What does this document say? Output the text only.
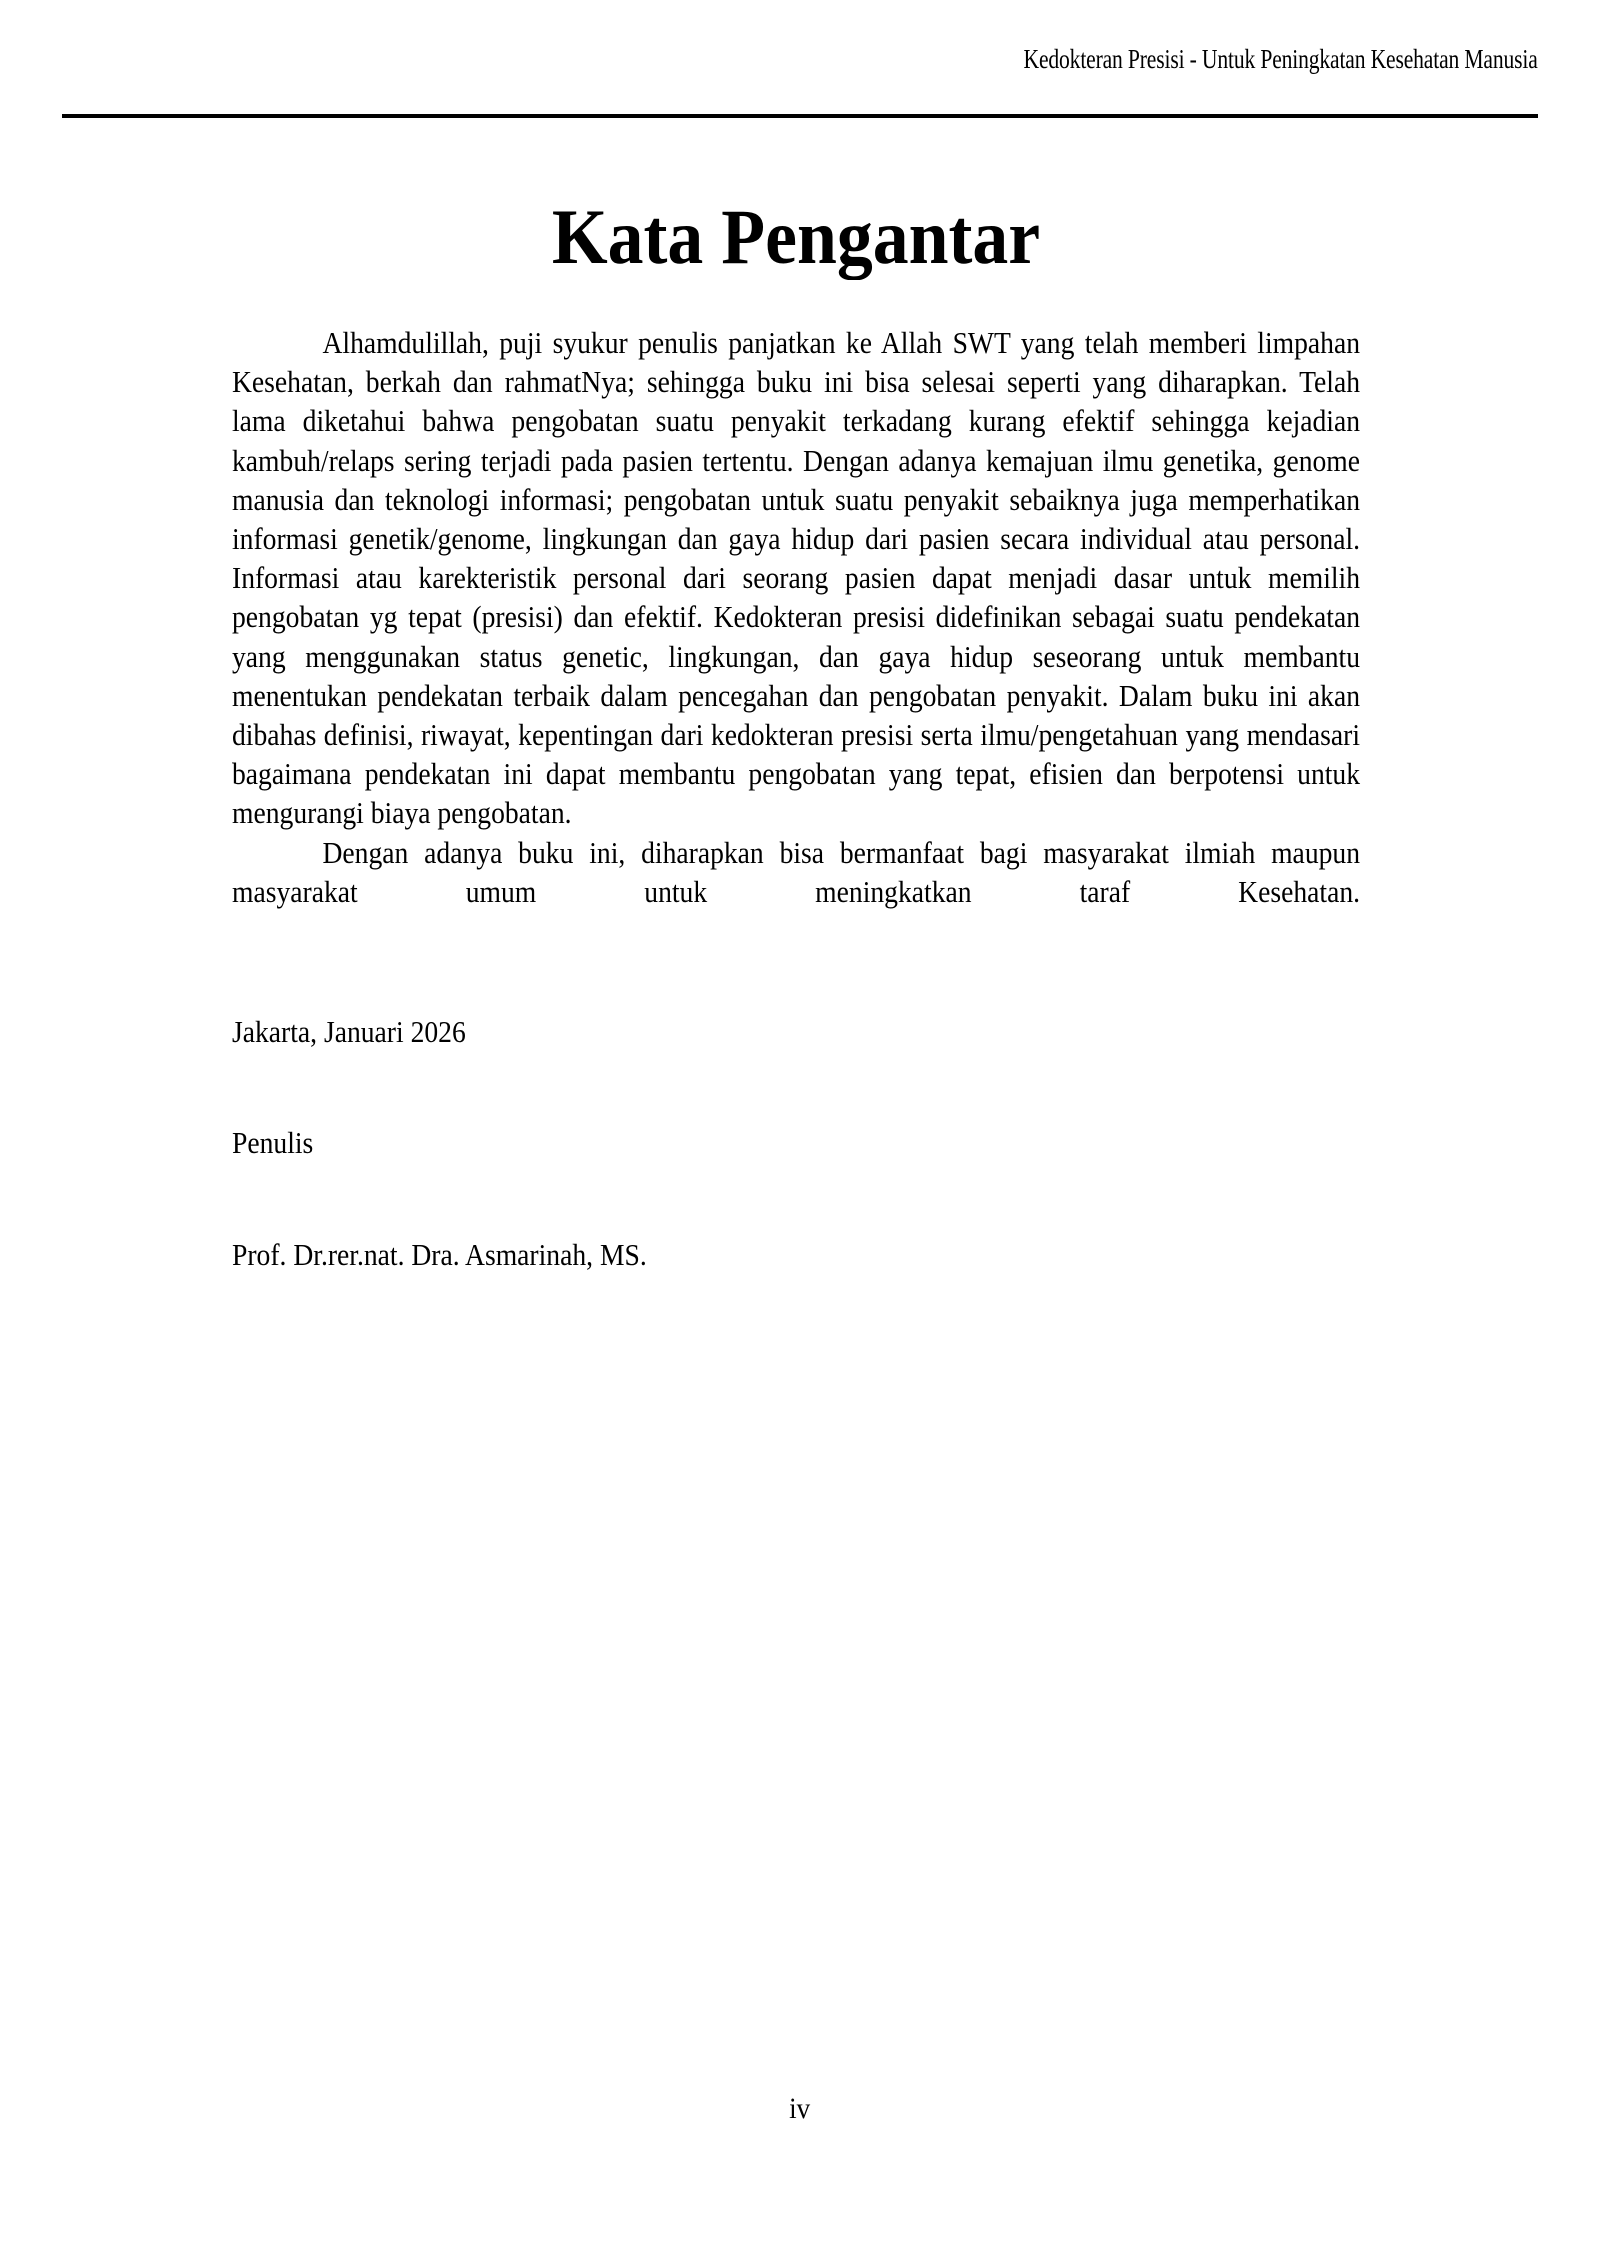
Kedokteran Presisi - Untuk Peningkatan Kesehatan Manusia
Kata Pengantar

Alhamdulillah, puji syukur penulis panjatkan ke Allah SWT yang telah memberi limpahan Kesehatan, berkah dan rahmatNya; sehingga buku ini bisa selesai seperti yang diharapkan. Telah lama diketahui bahwa pengobatan suatu penyakit terkadang kurang efektif sehingga kejadian kambuh/relaps sering terjadi pada pasien tertentu. Dengan adanya kemajuan ilmu genetika, genome manusia dan teknologi informasi; pengobatan untuk suatu penyakit sebaiknya juga memperhatikan informasi genetik/genome, lingkungan dan gaya hidup dari pasien secara individual atau personal. Informasi atau karekteristik personal dari seorang pasien dapat menjadi dasar untuk memilih pengobatan yg tepat (presisi) dan efektif. Kedokteran presisi didefinikan sebagai suatu pendekatan yang menggunakan status genetic, lingkungan, dan gaya hidup seseorang untuk membantu menentukan pendekatan terbaik dalam pencegahan dan pengobatan penyakit. Dalam buku ini akan dibahas definisi, riwayat, kepentingan dari kedokteran presisi serta ilmu/pengetahuan yang mendasari bagaimana pendekatan ini dapat membantu pengobatan yang tepat, efisien dan berpotensi untuk mengurangi biaya pengobatan.

Dengan adanya buku ini, diharapkan bisa bermanfaat bagi masyarakat ilmiah maupun masyarakat umum untuk meningkatkan taraf Kesehatan.

Jakarta, Januari 2026
Penulis
Prof. Dr.rer.nat. Dra. Asmarinah, MS.
iv
